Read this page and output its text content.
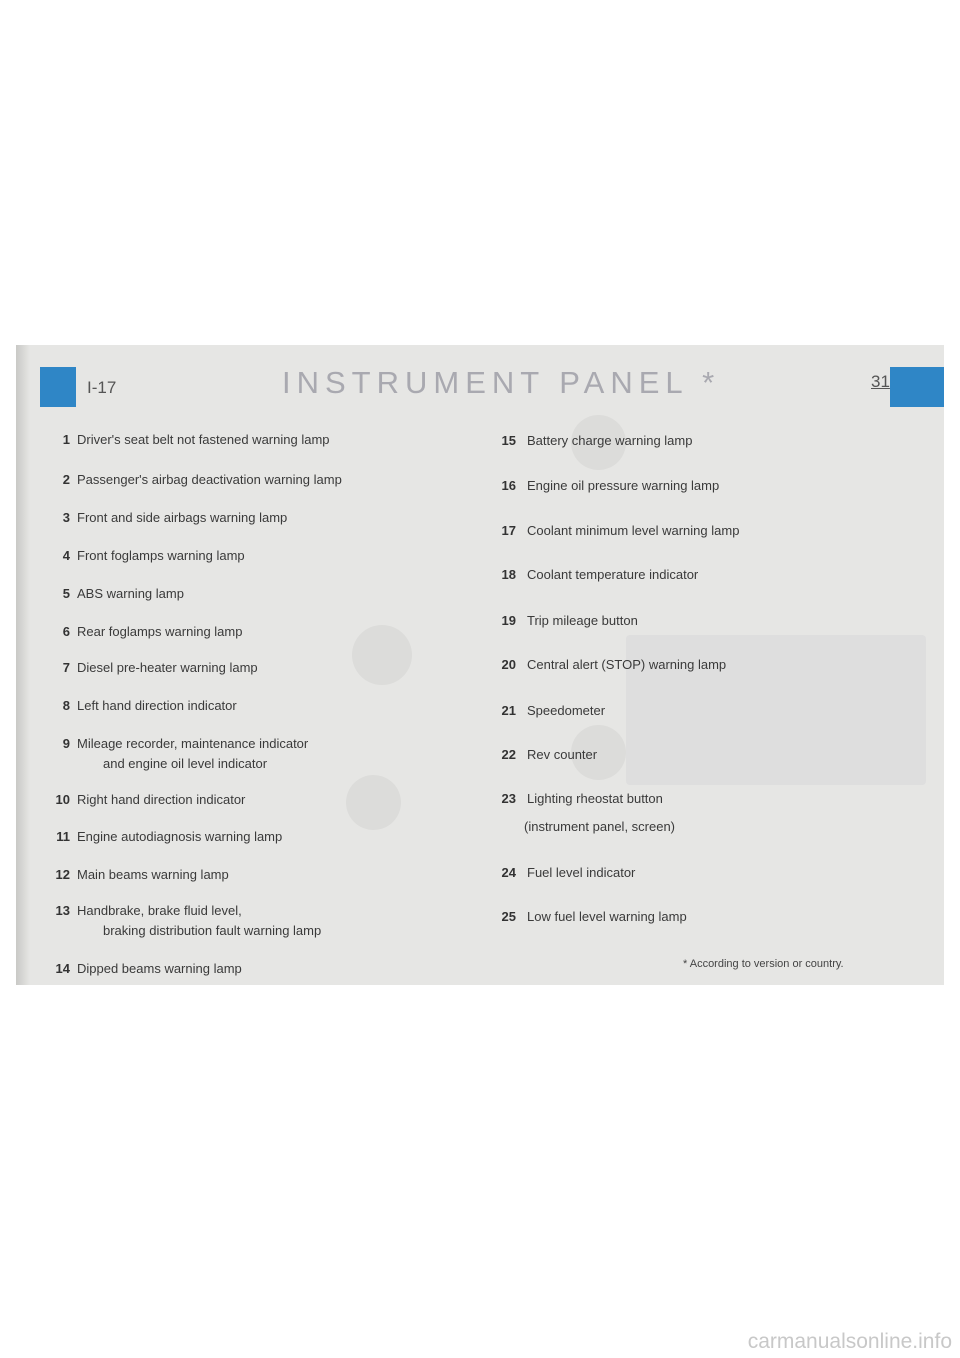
I-17	INSTRUMENT PANEL *	31
1 Driver's seat belt not fastened warning lamp
2 Passenger's airbag deactivation warning lamp
3 Front and side airbags warning lamp
4 Front foglamps warning lamp
5 ABS warning lamp
6 Rear foglamps warning lamp
7 Diesel pre-heater warning lamp
8 Left hand direction indicator
9 Mileage recorder, maintenance indicator
and engine oil level indicator
10 Right hand direction indicator
11 Engine autodiagnosis warning lamp
12 Main beams warning lamp
13 Handbrake, brake fluid level,
braking distribution fault warning lamp
14 Dipped beams warning lamp
15 Battery charge warning lamp
16 Engine oil pressure warning lamp
17 Coolant minimum level warning lamp
18 Coolant temperature indicator
19 Trip mileage button
20 Central alert (STOP) warning lamp
21 Speedometer
22 Rev counter
23 Lighting rheostat button
(instrument panel, screen)
24 Fuel level indicator
25 Low fuel level warning lamp
* According to version or country.
carmanualsonline.info
